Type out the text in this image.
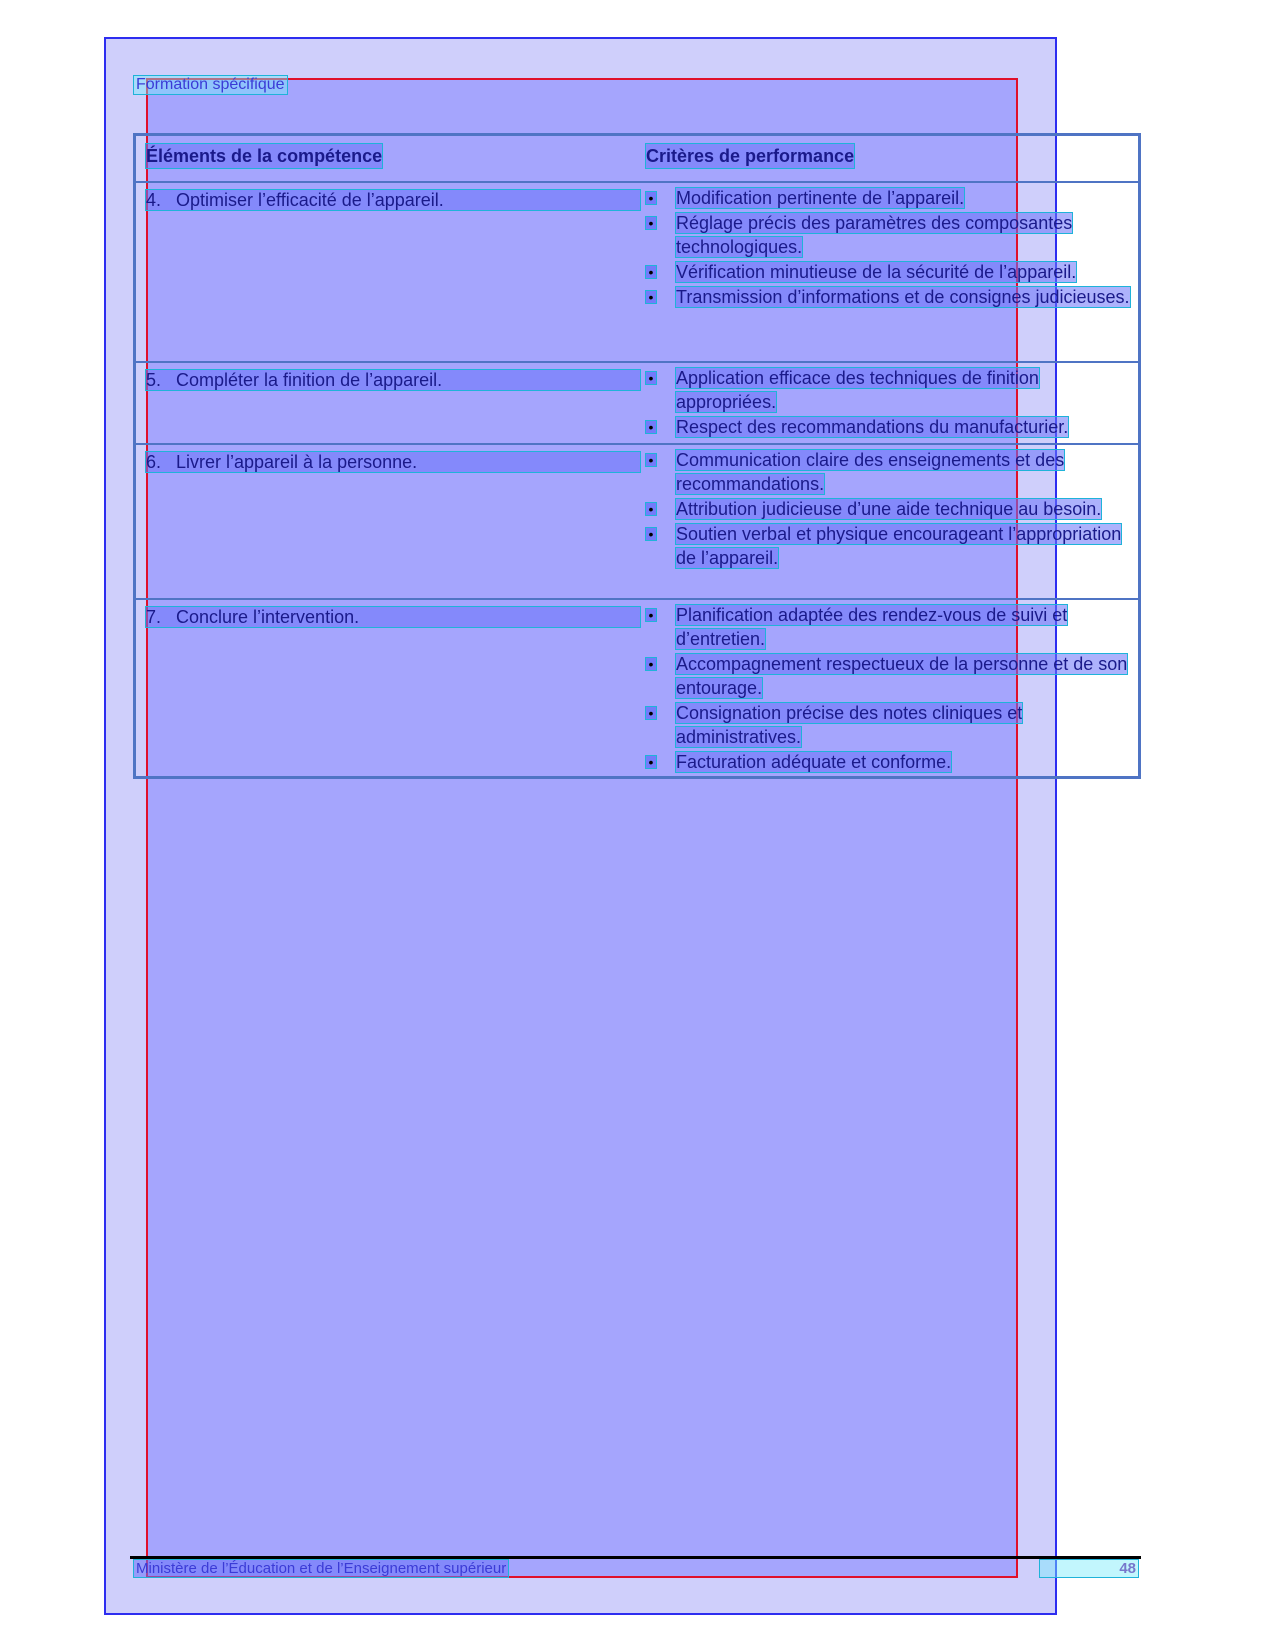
Formation spécifique
Éléments de la compétence	Critères de performance
4. Optimiser l’efficacité de l’appareil.	• Modification pertinente de l’appareil.
• Réglage précis des paramètres des composantes technologiques.
• Vérification minutieuse de la sécurité de l’appareil.
• Transmission d’informations et de consignes judicieuses.
5. Compléter la finition de l’appareil.	• Application efficace des techniques de finition appropriées.
• Respect des recommandations du manufacturier.
6. Livrer l’appareil à la personne.	• Communication claire des enseignements et des recommandations.
• Attribution judicieuse d’une aide technique au besoin.
• Soutien verbal et physique encourageant l’appropriation de l’appareil.
7. Conclure l’intervention.	• Planification adaptée des rendez-vous de suivi et d’entretien.
• Accompagnement respectueux de la personne et de son entourage.
• Consignation précise des notes cliniques et administratives.
• Facturation adéquate et conforme.
Ministère de l’Éducation et de l’Enseignement supérieur	48
